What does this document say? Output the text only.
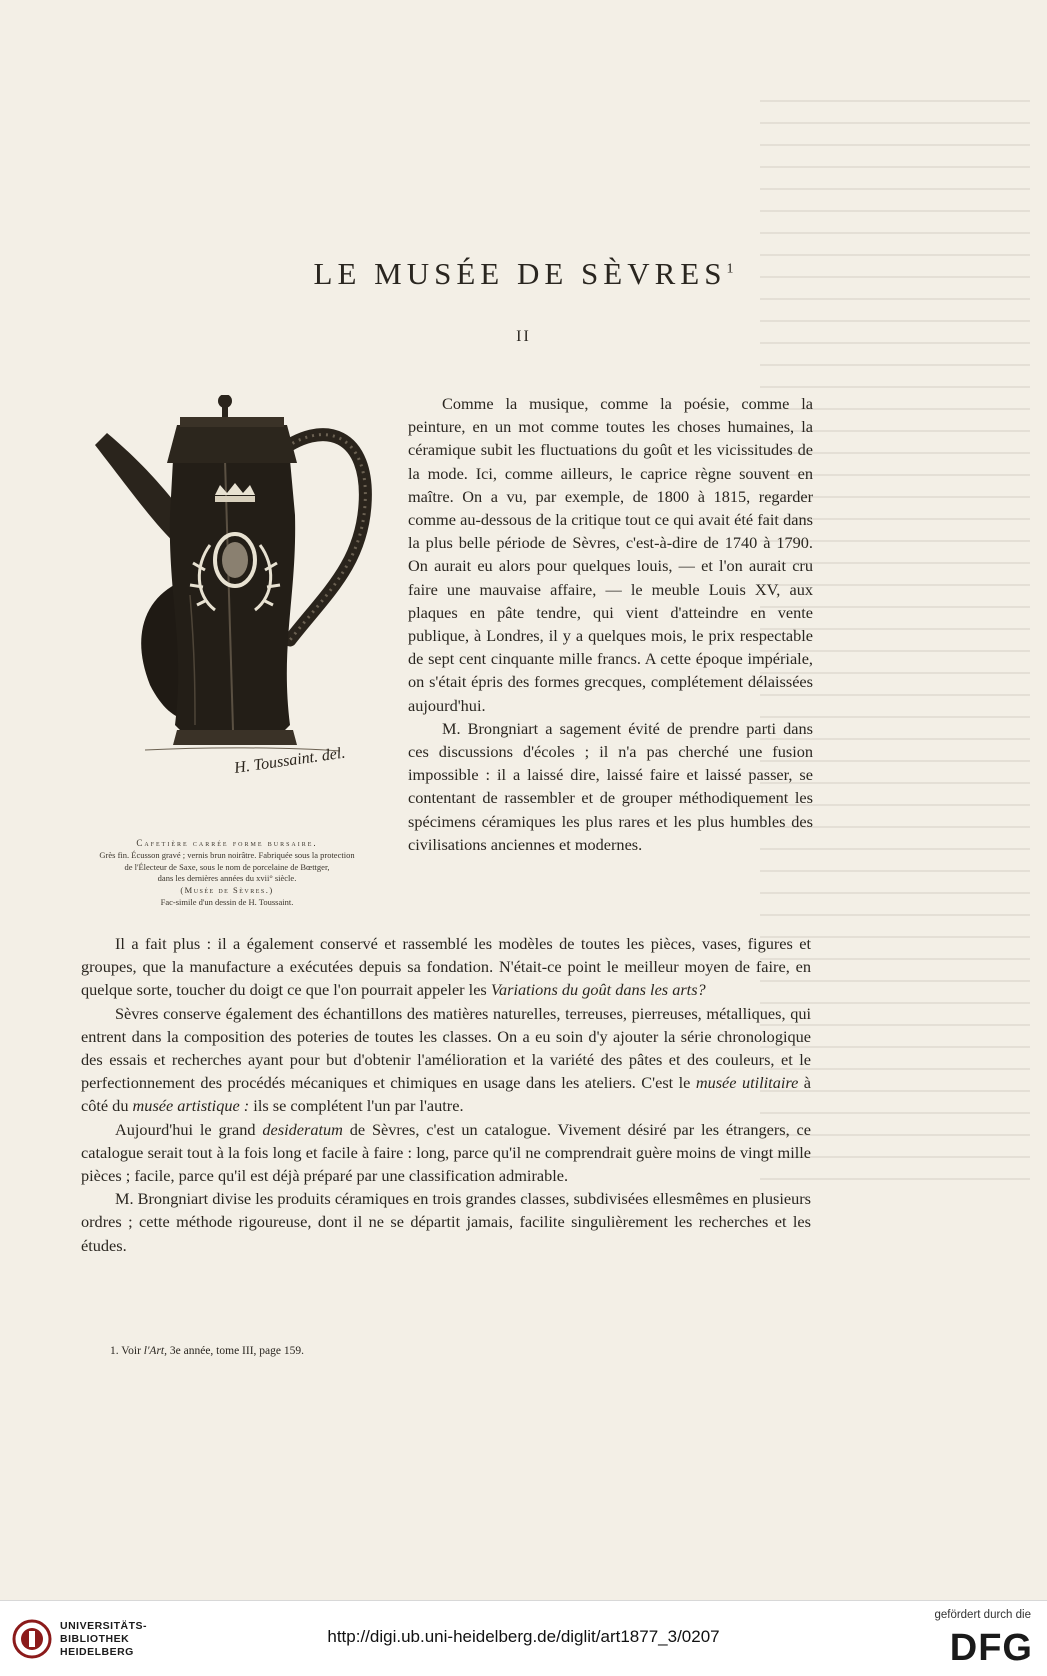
LE MUSÉE DE SÈVRES$^1$
II
H. Toussaint. del.
Cafetière carrée forme bursaire.
Grès fin. Écusson gravé ; vernis brun noirâtre. Fabriquée sous la protection
de l'Électeur de Saxe, sous le nom de porcelaine de Bœttger,
dans les dernières années du xvii° siècle.
(Musée de Sèvres.)
Fac-simile d'un dessin de H. Toussaint.

Comme la musique, comme la poésie, comme la peinture, en un mot comme toutes les choses humaines, la céramique subit les fluctuations du goût et les vicissitudes de la mode. Ici, comme ailleurs, le caprice règne souvent en maître. On a vu, par exemple, de 1800 à 1815, regarder comme au-dessous de la critique tout ce qui avait été fait dans la plus belle période de Sèvres, c'est-à-dire de 1740 à 1790. On aurait eu alors pour quelques louis, — et l'on aurait cru faire une mauvaise affaire, — le meuble Louis XV, aux plaques en pâte tendre, qui vient d'atteindre en vente publique, à Londres, il y a quelques mois, le prix respectable de sept cent cinquante mille francs. A cette époque impériale, on s'était épris des formes grecques, complétement délaissées aujourd'hui.

M. Brongniart a sagement évité de prendre parti dans ces discussions d'écoles ; il n'a pas cherché une fusion impossible : il a laissé dire, laissé faire et laissé passer, se contentant de rassembler et de grouper méthodiquement les spécimens céramiques les plus rares et les plus humbles des civilisations anciennes et modernes.

Il a fait plus : il a également conservé et rassemblé les modèles de toutes les pièces, vases, figures et groupes, que la manufacture a exécutées depuis sa fondation. N'était-ce point le meilleur moyen de faire, en quelque sorte, toucher du doigt ce que l'on pourrait appeler les Variations du goût dans les arts?

Sèvres conserve également des échantillons des matières naturelles, terreuses, pierreuses, métalliques, qui entrent dans la composition des poteries de toutes les classes. On a eu soin d'y ajouter la série chronologique des essais et recherches ayant pour but d'obtenir l'amélioration et la variété des pâtes et des couleurs, et le perfectionnement des procédés mécaniques et chimiques en usage dans les ateliers. C'est le musée utilitaire à côté du musée artistique : ils se complétent l'un par l'autre.

Aujourd'hui le grand desideratum de Sèvres, c'est un catalogue. Vivement désiré par les étrangers, ce catalogue serait tout à la fois long et facile à faire : long, parce qu'il ne comprendrait guère moins de vingt mille pièces ; facile, parce qu'il est déjà préparé par une classification admirable.

M. Brongniart divise les produits céramiques en trois grandes classes, subdivisées ellesmêmes en plusieurs ordres ; cette méthode rigoureuse, dont il ne se départit jamais, facilite singulièrement les recherches et les études.

1. Voir l'Art, 3e année, tome III, page 159.
UNIVERSITÄTS-
BIBLIOTHEK
HEIDELBERG
http://digi.ub.uni-heidelberg.de/diglit/art1877_3/0207
gefördert durch die
DFG
